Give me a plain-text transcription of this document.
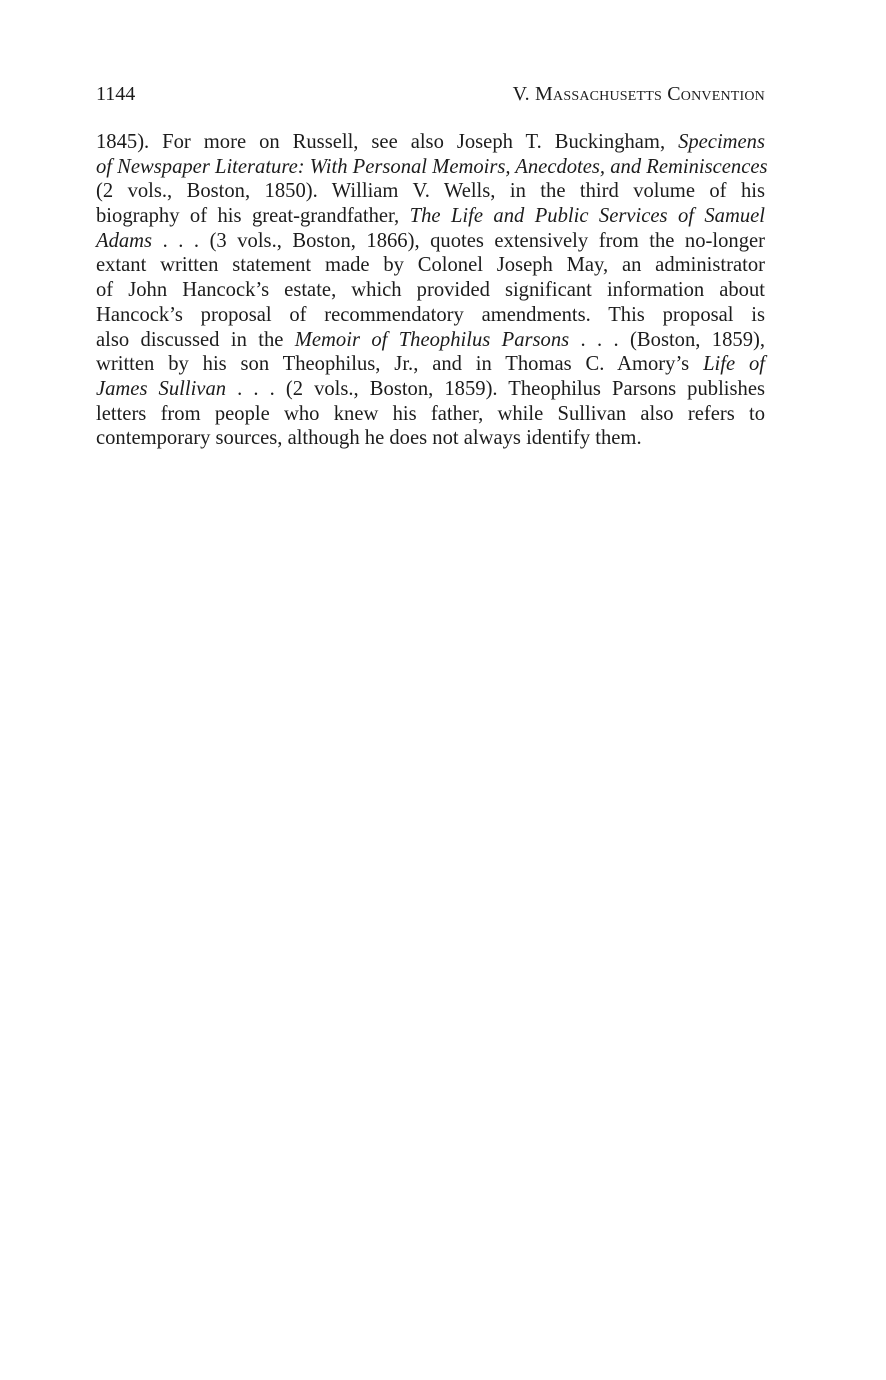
1144	V. Massachusetts Convention
1845). For more on Russell, see also Joseph T. Buckingham, Specimens
of Newspaper Literature: With Personal Memoirs, Anecdotes, and Reminiscences
(2 vols., Boston, 1850). William V. Wells, in the third volume of his
biography of his great-grandfather, The Life and Public Services of Samuel
Adams . . . (3 vols., Boston, 1866), quotes extensively from the no-longer
extant written statement made by Colonel Joseph May, an administrator
of John Hancock’s estate, which provided significant information about
Hancock’s proposal of recommendatory amendments. This proposal is
also discussed in the Memoir of Theophilus Parsons . . . (Boston, 1859),
written by his son Theophilus, Jr., and in Thomas C. Amory’s Life of
James Sullivan . . . (2 vols., Boston, 1859). Theophilus Parsons publishes
letters from people who knew his father, while Sullivan also refers to
contemporary sources, although he does not always identify them.
